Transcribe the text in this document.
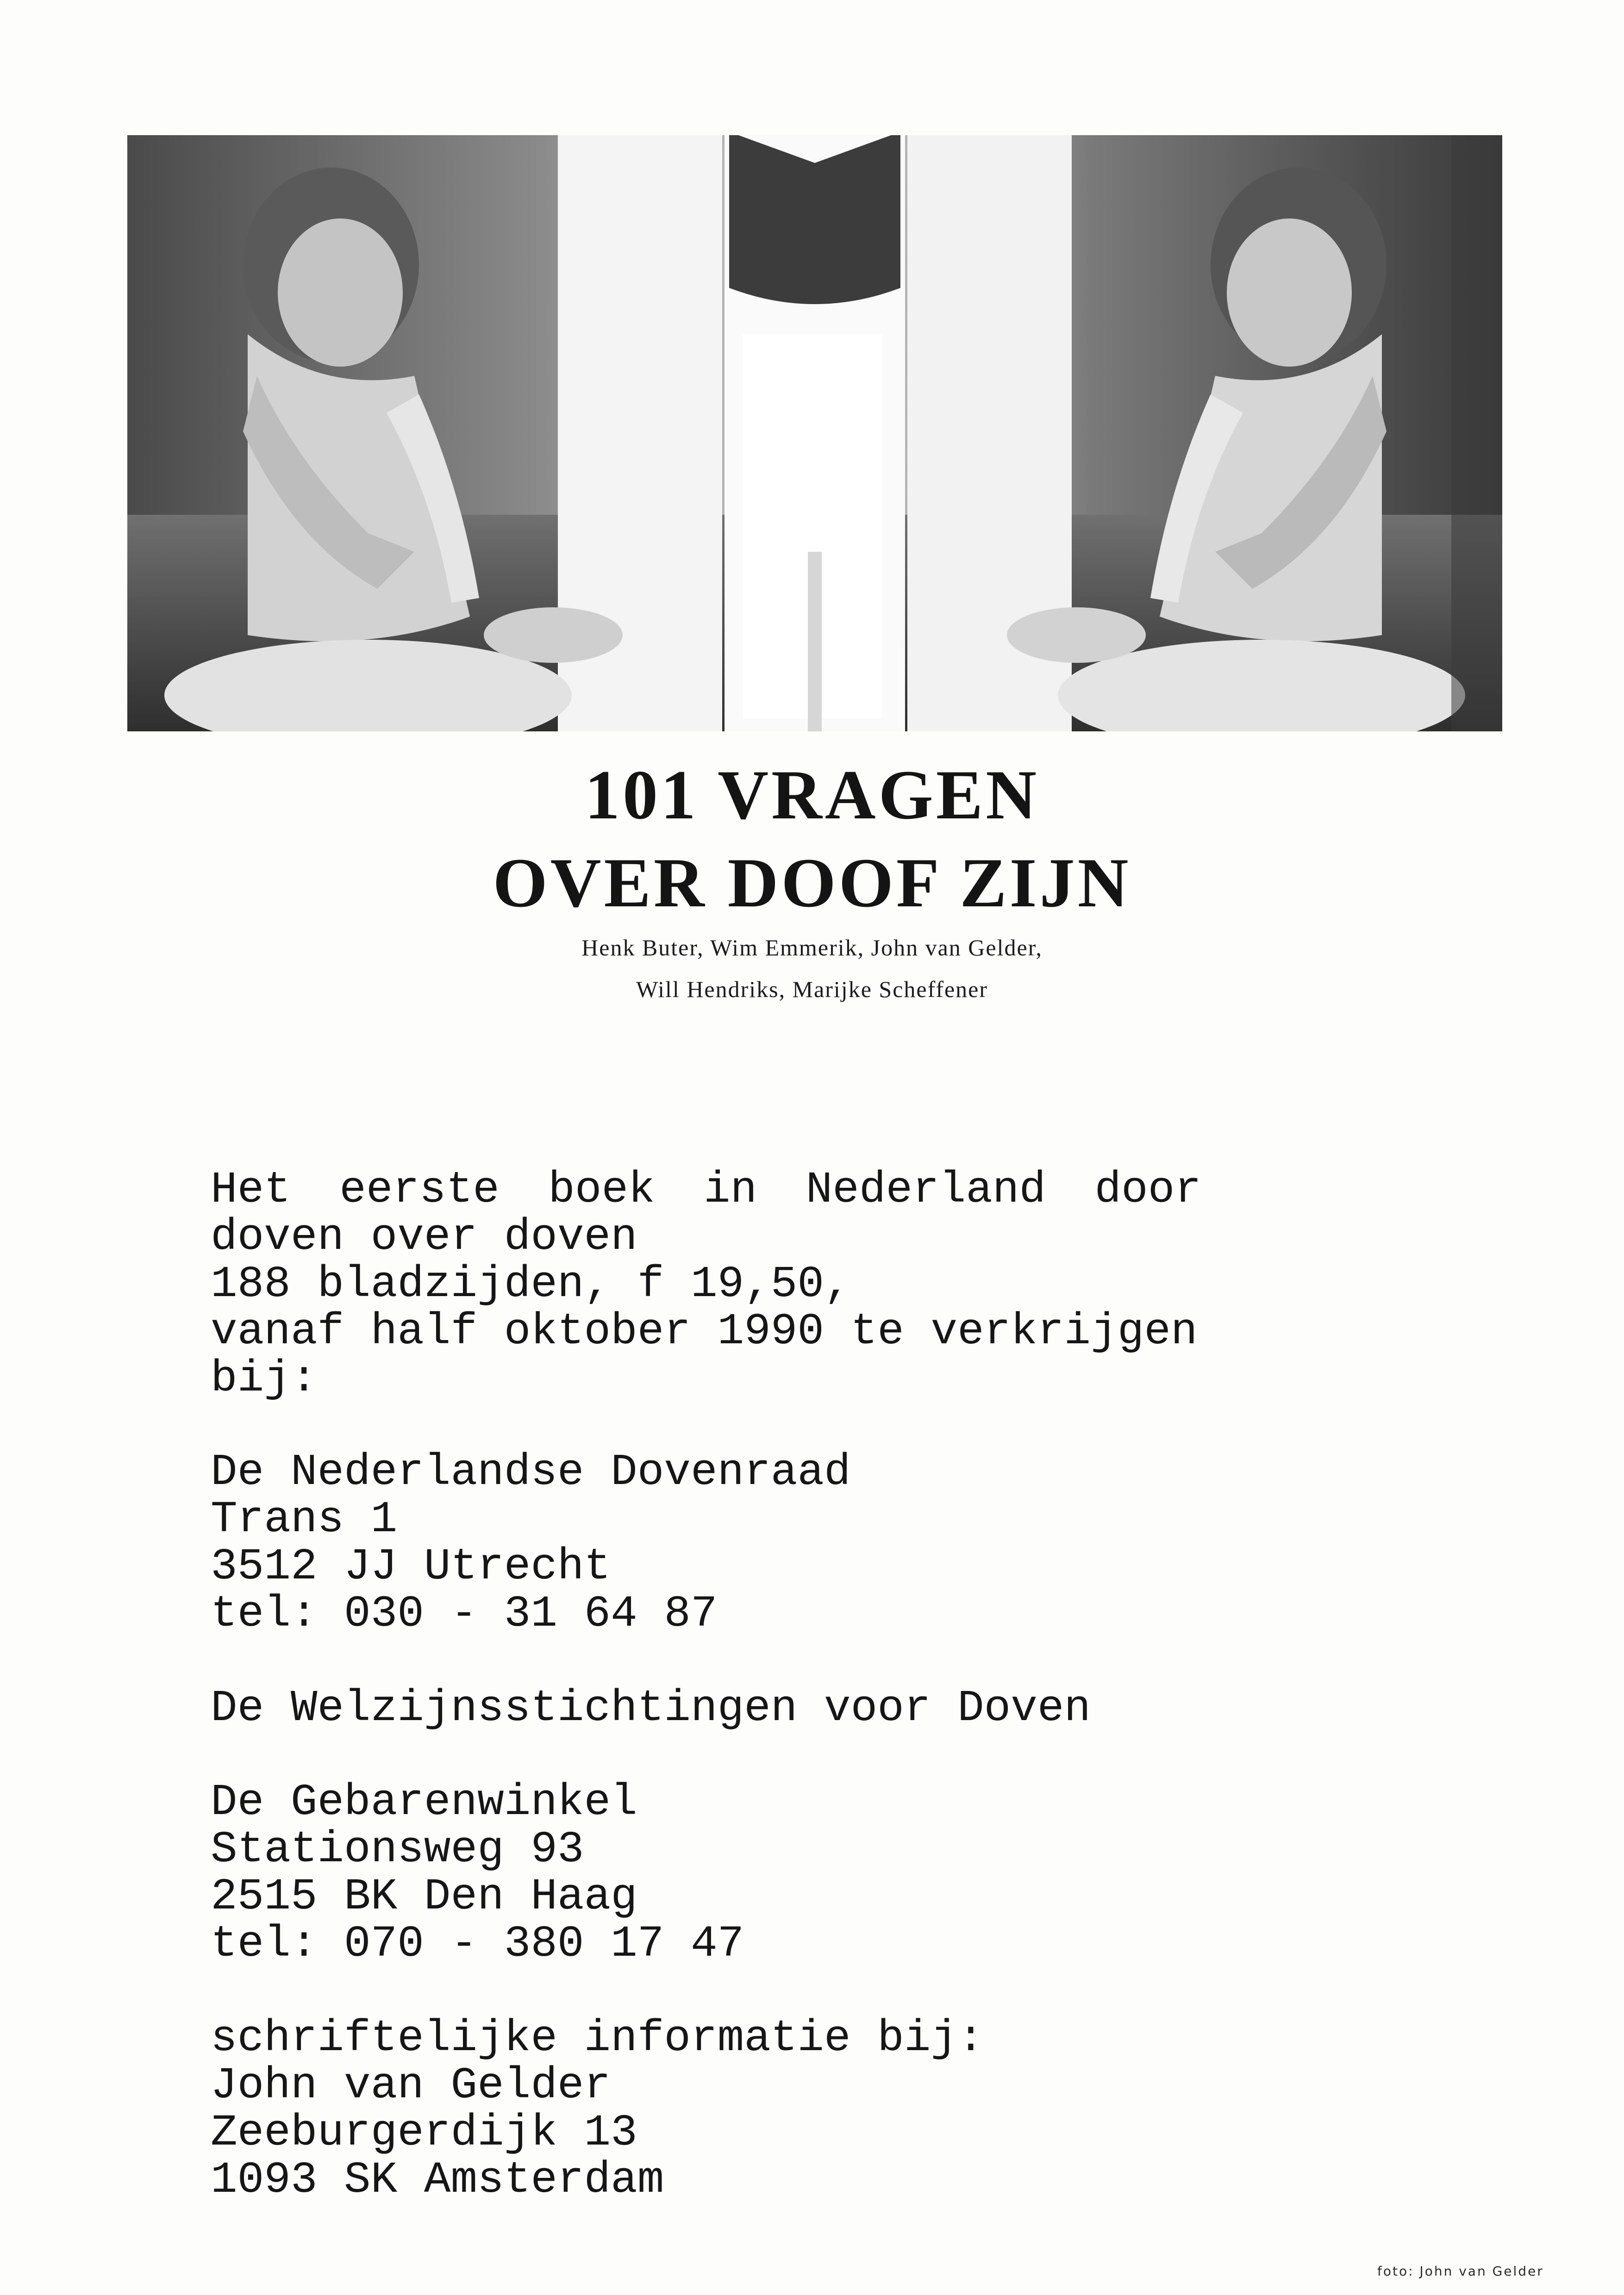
101 VRAGEN
OVER DOOF ZIJN

Henk Buter, Wim Emmerik, John van Gelder,

Will Hendriks, Marijke Scheffener

Het eerste boek in Nederland door
doven over doven
188 bladzijden, f 19,50,
vanaf half oktober 1990 te verkrijgen
bij:
De Nederlandse Dovenraad
Trans 1
3512 JJ Utrecht
tel: 030 - 31 64 87
De Welzijnsstichtingen voor Doven
De Gebarenwinkel
Stationsweg 93
2515 BK Den Haag
tel: 070 - 380 17 47
schriftelijke informatie bij:
John van Gelder
Zeeburgerdijk 13
1093 SK Amsterdam
foto: John van Gelder
